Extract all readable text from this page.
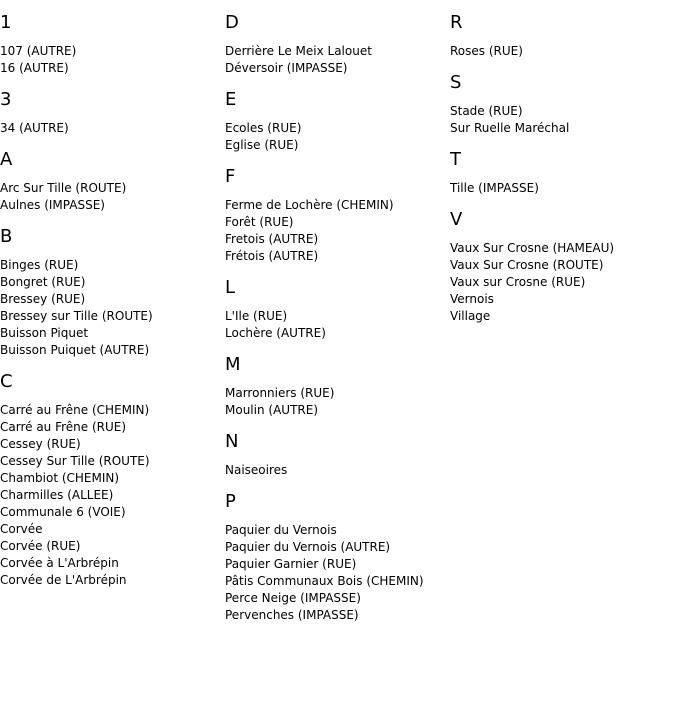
1
107 (AUTRE)
16 (AUTRE)
3
34 (AUTRE)
A
Arc Sur Tille (ROUTE)
Aulnes (IMPASSE)
B
Binges (RUE)
Bongret (RUE)
Bressey (RUE)
Bressey sur Tille (ROUTE)
Buisson Piquet
Buisson Puiquet (AUTRE)
C
Carré au Frêne (CHEMIN)
Carré au Frêne (RUE)
Cessey (RUE)
Cessey Sur Tille (ROUTE)
Chambiot (CHEMIN)
Charmilles (ALLEE)
Communale 6 (VOIE)
Corvée
Corvée (RUE)
Corvée à L'Arbrépin
Corvée de L'Arbrépin
D
Derrière Le Meix Lalouet
Déversoir (IMPASSE)
E
Ecoles (RUE)
Eglise (RUE)
F
Ferme de Lochère (CHEMIN)
Forêt (RUE)
Fretois (AUTRE)
Frétois (AUTRE)
L
L'Ile (RUE)
Lochère (AUTRE)
M
Marronniers (RUE)
Moulin (AUTRE)
N
Naiseoires
P
Paquier du Vernois
Paquier du Vernois (AUTRE)
Paquier Garnier (RUE)
Pâtis Communaux Bois (CHEMIN)
Perce Neige (IMPASSE)
Pervenches (IMPASSE)
R
Roses (RUE)
S
Stade (RUE)
Sur Ruelle Maréchal
T
Tille (IMPASSE)
V
Vaux Sur Crosne (HAMEAU)
Vaux Sur Crosne (ROUTE)
Vaux sur Crosne (RUE)
Vernois
Village
